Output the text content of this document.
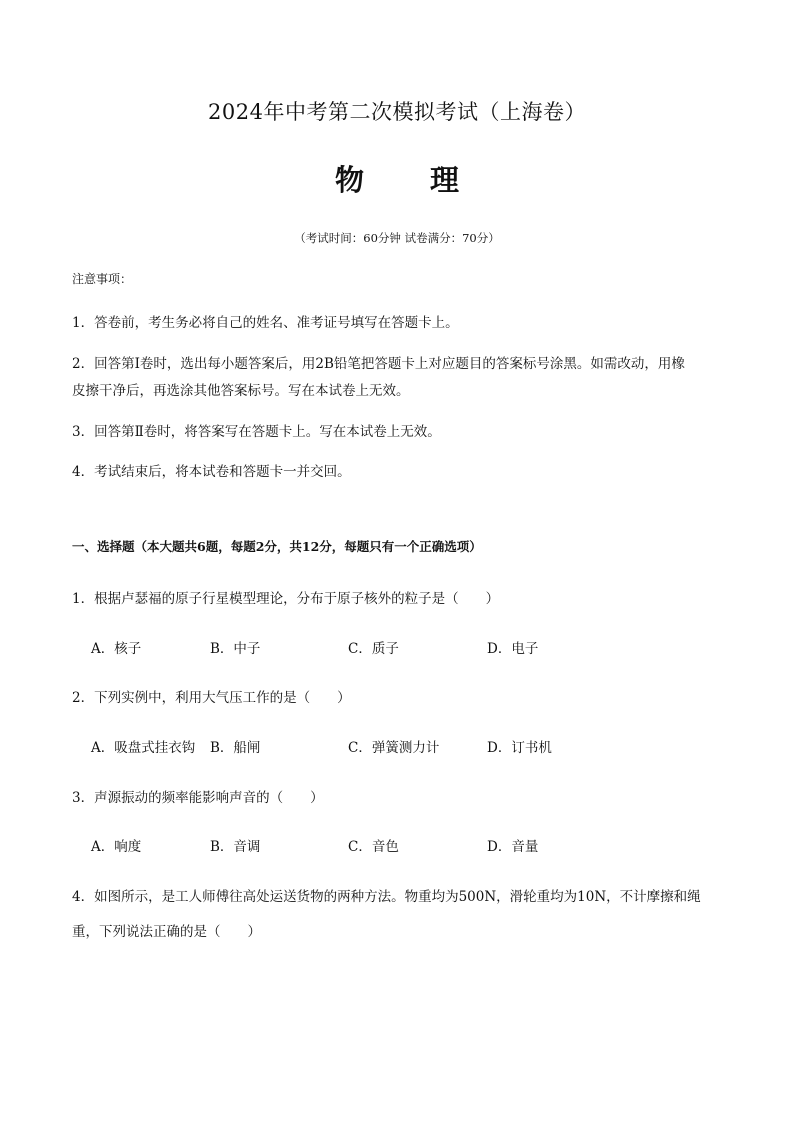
2024年中考第二次模拟考试（上海卷）
物 理
（考试时间：60分钟 试卷满分：70分）
注意事项：
1．答卷前，考生务必将自己的姓名、准考证号填写在答题卡上。
2．回答第Ⅰ卷时，选出每小题答案后，用2B铅笔把答题卡上对应题目的答案标号涂黑。如需改动，用橡
皮擦干净后，再选涂其他答案标号。写在本试卷上无效。
3．回答第Ⅱ卷时，将答案写在答题卡上。写在本试卷上无效。
4．考试结束后，将本试卷和答题卡一并交回。
一、选择题（本大题共6题，每题2分，共12分，每题只有一个正确选项）
1．根据卢瑟福的原子行星模型理论，分布于原子核外的粒子是（　　）
A．核子	B．中子	C．质子	D．电子
2．下列实例中，利用大气压工作的是（　　）
A．吸盘式挂衣钩 B．船闸	C．弹簧测力计	D．订书机
3．声源振动的频率能影响声音的（　　）
A．响度	B．音调	C．音色	D．音量
4．如图所示，是工人师傅往高处运送货物的两种方法。物重均为500N，滑轮重均为10N，不计摩擦和绳
重，下列说法正确的是（　　）
